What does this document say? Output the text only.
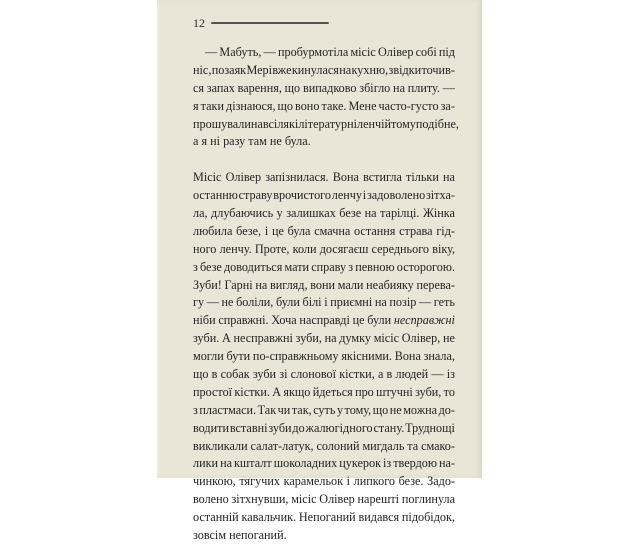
12
— Мабуть, — пробурмотіла місіс Олівер собі під
ніс, позаяк Мері вже кинулася на кухню, звідки точив-
ся запах варення, що випадково збігло на плиту. —
я таки дізнаюся, що воно таке. Мене часто-густо за-
прошували на всілякі літературні ленчі й тому подібне,
а я ні разу там не була.
Місіс Олівер запізнилася. Вона встигла тільки на
останню страву врочистого ленчу і задоволено зітха-
ла, длубаючись у залишках безе на тарілці. Жінка
любила безе, і це була смачна остання страва гід-
ного ленчу. Проте, коли досягаєш середнього віку,
з безе доводиться мати справу з певною осторогою.
Зуби! Гарні на вигляд, вони мали неабияку перева-
гу — не боліли, були білі і приємні на позір — геть
ніби справжні. Хоча насправді це були несправжні
зуби. А несправжні зуби, на думку місіс Олівер, не
могли бути по-справжньому якісними. Вона знала,
що в собак зуби зі слонової кістки, а в людей — із
простої кістки. А якщо йдеться про штучні зуби, то
з пластмаси. Так чи так, суть у тому, що не можна до-
водити вставні зуби до жалюгідного стану. Труднощі
викликали салат-латук, солоний мигдаль та смако-
лики на кшталт шоколадних цукерок із твердою на-
чинкою, тягучих карамельок і липкого безе. Задо-
волено зітхнувши, місіс Олівер нарешті поглинула
останній кавальчик. Непоганий видався підобідок,
зовсім непоганий.
